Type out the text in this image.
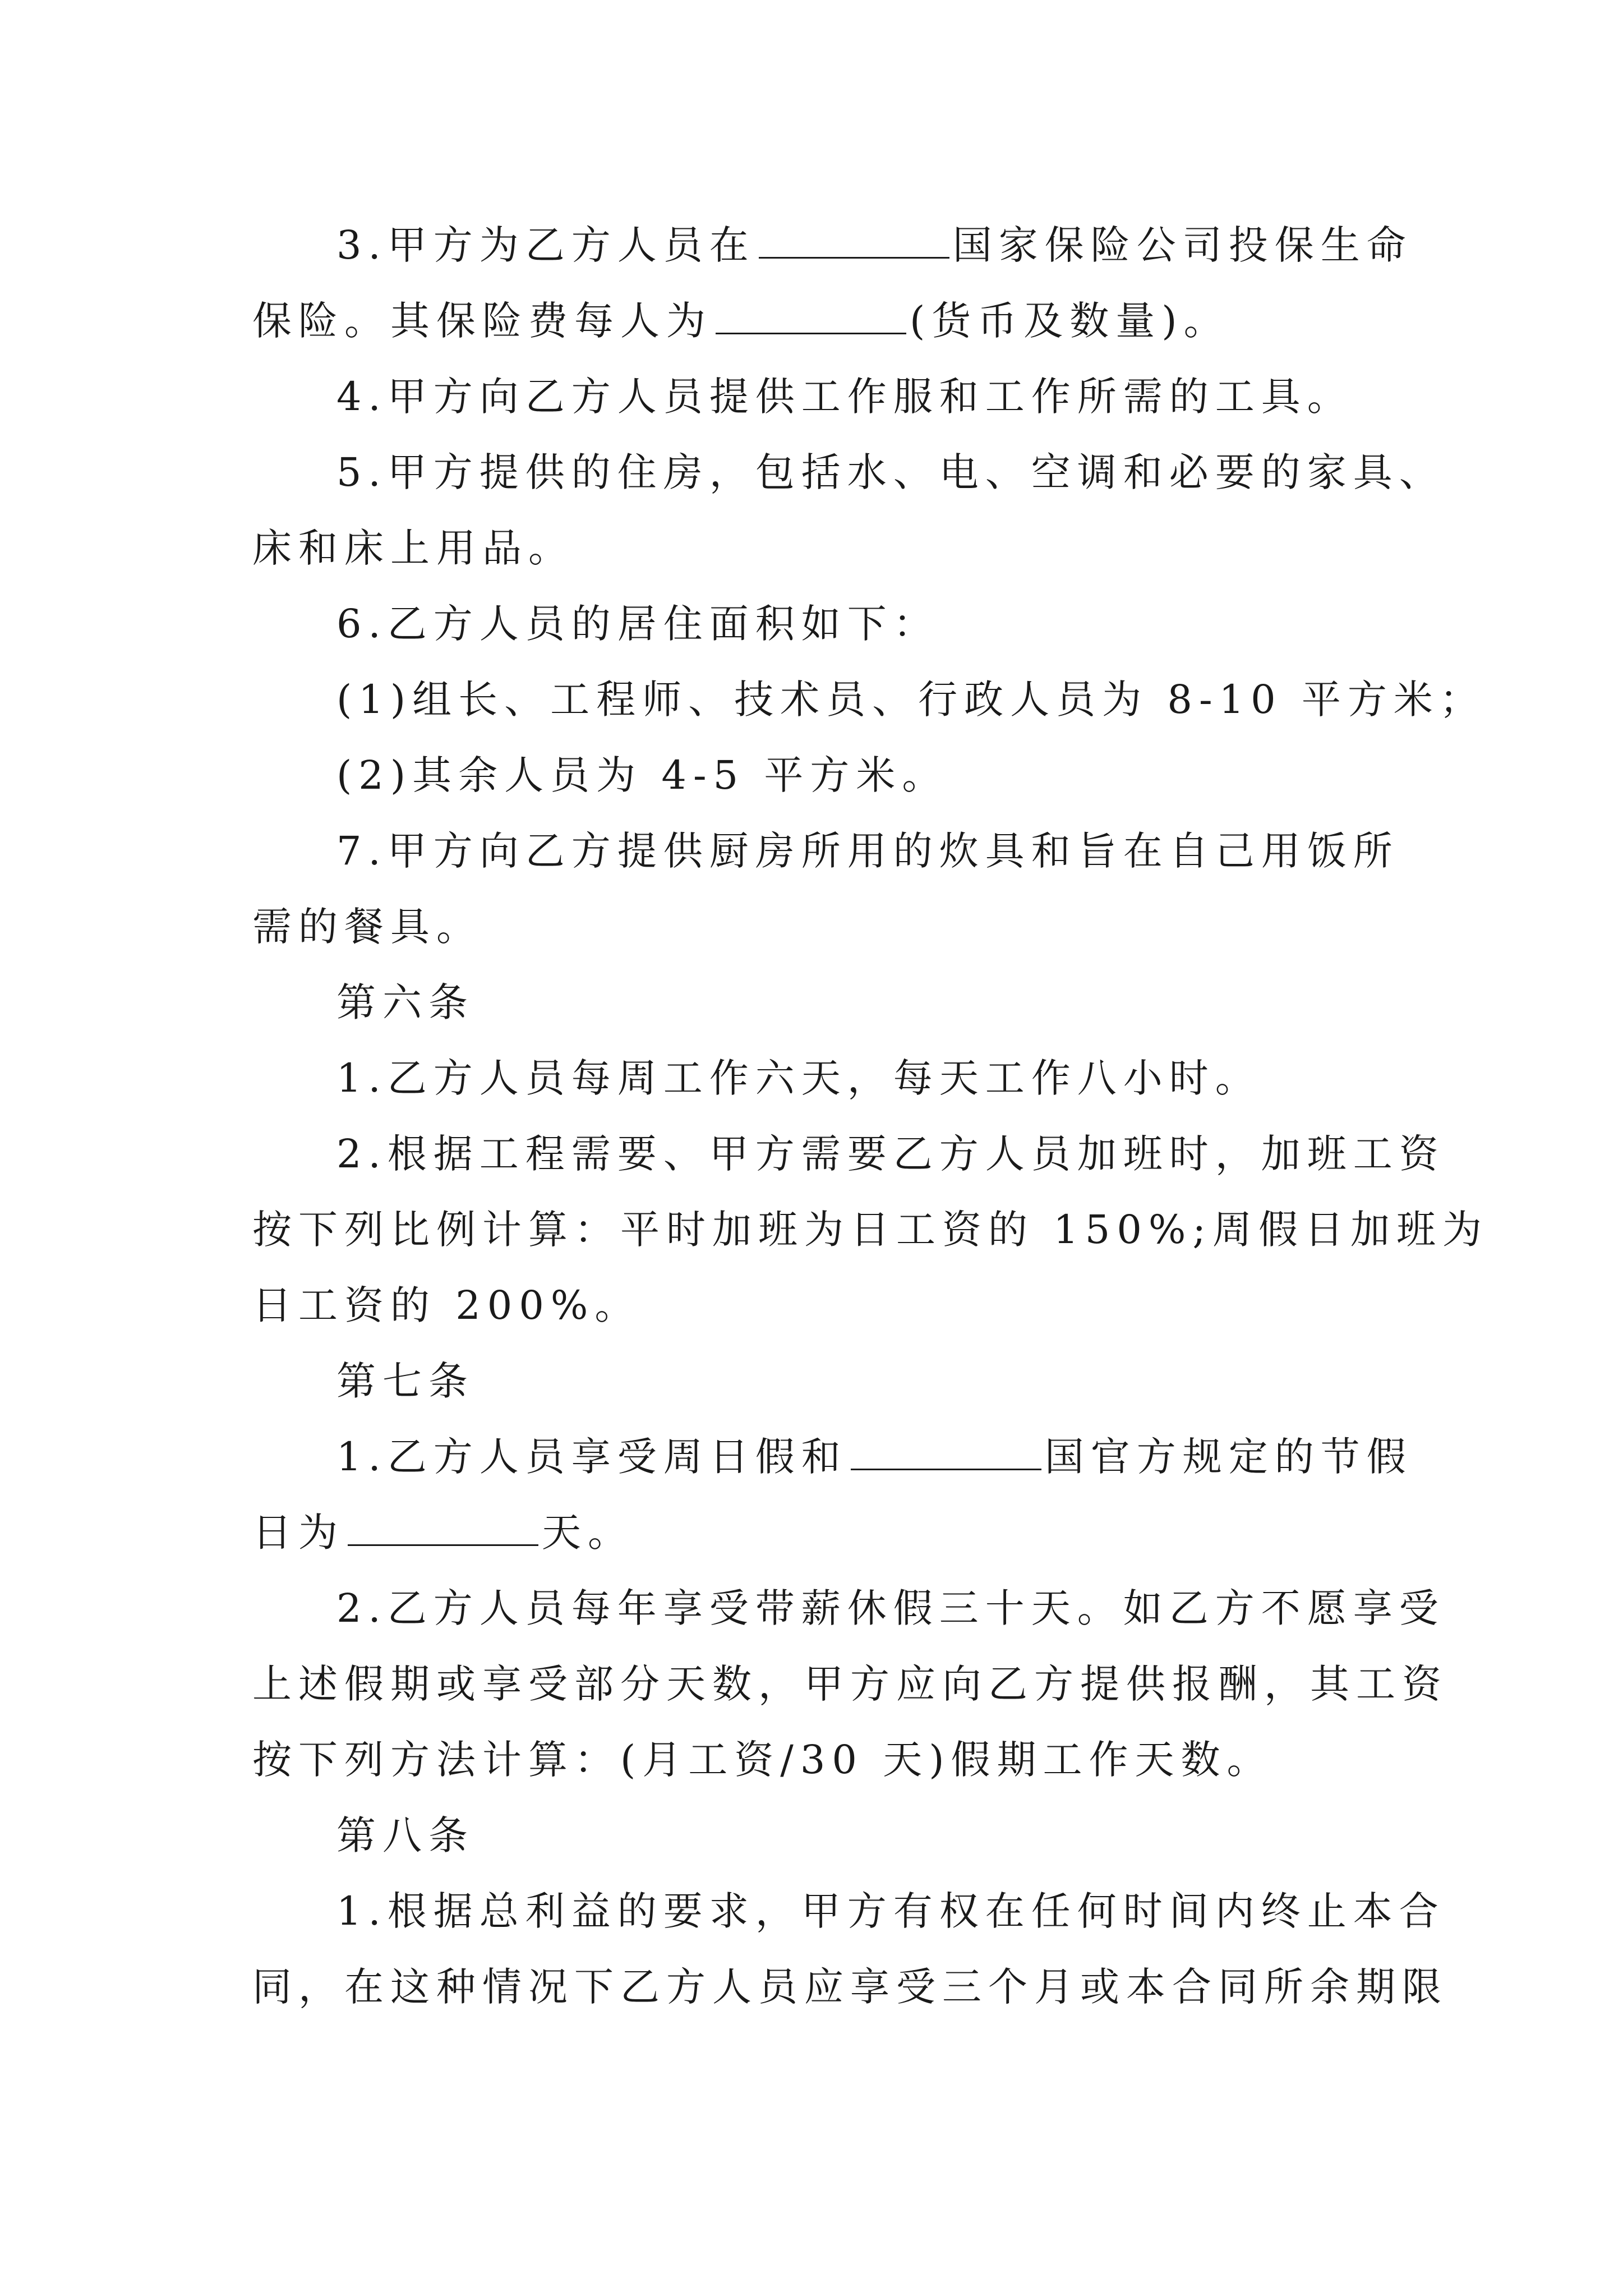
3.甲方为乙方人员在	国家保险公司投保生命
保险。其保险费每人为	(货币及数量)。
4.甲方向乙方人员提供工作服和工作所需的工具。
5.甲方提供的住房，包括水、电、空调和必要的家具、
床和床上用品。
6.乙方人员的居住面积如下：
(1)组长、工程师、技术员、行政人员为 8-10 平方米；
(2)其余人员为 4-5 平方米。
7.甲方向乙方提供厨房所用的炊具和旨在自己用饭所
需的餐具。
第六条
1.乙方人员每周工作六天，每天工作八小时。
2.根据工程需要、甲方需要乙方人员加班时，加班工资
按下列比例计算：平时加班为日工资的 150%;周假日加班为
日工资的 200%。
第七条
1.乙方人员享受周日假和	国官方规定的节假
日为	天。
2.乙方人员每年享受带薪休假三十天。如乙方不愿享受
上述假期或享受部分天数，甲方应向乙方提供报酬，其工资
按下列方法计算：(月工资/30 天)假期工作天数。
第八条
1.根据总利益的要求，甲方有权在任何时间内终止本合
同，在这种情况下乙方人员应享受三个月或本合同所余期限
